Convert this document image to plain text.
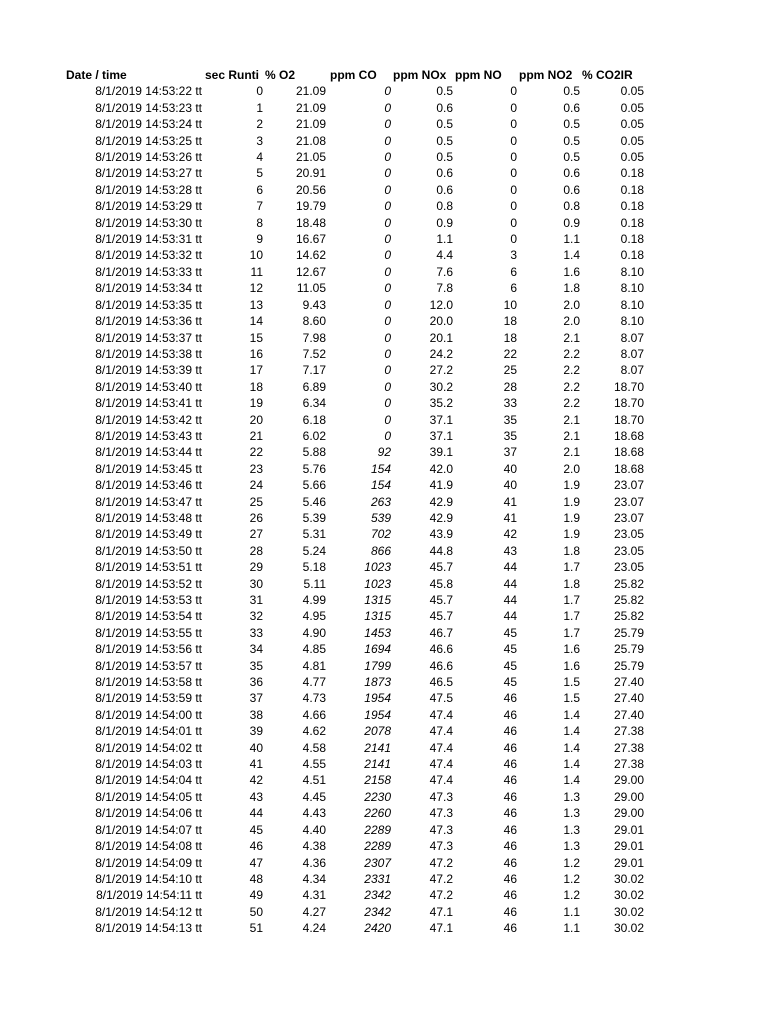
Date / time	sec Runti	% O2	ppm CO	ppm NOx	ppm NO	ppm NO2	% CO2IR
8/1/2019 14:53:22 tt	0	21.09	0	0.5	0	0.5	0.05
8/1/2019 14:53:23 tt	1	21.09	0	0.6	0	0.6	0.05
8/1/2019 14:53:24 tt	2	21.09	0	0.5	0	0.5	0.05
8/1/2019 14:53:25 tt	3	21.08	0	0.5	0	0.5	0.05
8/1/2019 14:53:26 tt	4	21.05	0	0.5	0	0.5	0.05
8/1/2019 14:53:27 tt	5	20.91	0	0.6	0	0.6	0.18
8/1/2019 14:53:28 tt	6	20.56	0	0.6	0	0.6	0.18
8/1/2019 14:53:29 tt	7	19.79	0	0.8	0	0.8	0.18
8/1/2019 14:53:30 tt	8	18.48	0	0.9	0	0.9	0.18
8/1/2019 14:53:31 tt	9	16.67	0	1.1	0	1.1	0.18
8/1/2019 14:53:32 tt	10	14.62	0	4.4	3	1.4	0.18
8/1/2019 14:53:33 tt	11	12.67	0	7.6	6	1.6	8.10
8/1/2019 14:53:34 tt	12	11.05	0	7.8	6	1.8	8.10
8/1/2019 14:53:35 tt	13	9.43	0	12.0	10	2.0	8.10
8/1/2019 14:53:36 tt	14	8.60	0	20.0	18	2.0	8.10
8/1/2019 14:53:37 tt	15	7.98	0	20.1	18	2.1	8.07
8/1/2019 14:53:38 tt	16	7.52	0	24.2	22	2.2	8.07
8/1/2019 14:53:39 tt	17	7.17	0	27.2	25	2.2	8.07
8/1/2019 14:53:40 tt	18	6.89	0	30.2	28	2.2	18.70
8/1/2019 14:53:41 tt	19	6.34	0	35.2	33	2.2	18.70
8/1/2019 14:53:42 tt	20	6.18	0	37.1	35	2.1	18.70
8/1/2019 14:53:43 tt	21	6.02	0	37.1	35	2.1	18.68
8/1/2019 14:53:44 tt	22	5.88	92	39.1	37	2.1	18.68
8/1/2019 14:53:45 tt	23	5.76	154	42.0	40	2.0	18.68
8/1/2019 14:53:46 tt	24	5.66	154	41.9	40	1.9	23.07
8/1/2019 14:53:47 tt	25	5.46	263	42.9	41	1.9	23.07
8/1/2019 14:53:48 tt	26	5.39	539	42.9	41	1.9	23.07
8/1/2019 14:53:49 tt	27	5.31	702	43.9	42	1.9	23.05
8/1/2019 14:53:50 tt	28	5.24	866	44.8	43	1.8	23.05
8/1/2019 14:53:51 tt	29	5.18	1023	45.7	44	1.7	23.05
8/1/2019 14:53:52 tt	30	5.11	1023	45.8	44	1.8	25.82
8/1/2019 14:53:53 tt	31	4.99	1315	45.7	44	1.7	25.82
8/1/2019 14:53:54 tt	32	4.95	1315	45.7	44	1.7	25.82
8/1/2019 14:53:55 tt	33	4.90	1453	46.7	45	1.7	25.79
8/1/2019 14:53:56 tt	34	4.85	1694	46.6	45	1.6	25.79
8/1/2019 14:53:57 tt	35	4.81	1799	46.6	45	1.6	25.79
8/1/2019 14:53:58 tt	36	4.77	1873	46.5	45	1.5	27.40
8/1/2019 14:53:59 tt	37	4.73	1954	47.5	46	1.5	27.40
8/1/2019 14:54:00 tt	38	4.66	1954	47.4	46	1.4	27.40
8/1/2019 14:54:01 tt	39	4.62	2078	47.4	46	1.4	27.38
8/1/2019 14:54:02 tt	40	4.58	2141	47.4	46	1.4	27.38
8/1/2019 14:54:03 tt	41	4.55	2141	47.4	46	1.4	27.38
8/1/2019 14:54:04 tt	42	4.51	2158	47.4	46	1.4	29.00
8/1/2019 14:54:05 tt	43	4.45	2230	47.3	46	1.3	29.00
8/1/2019 14:54:06 tt	44	4.43	2260	47.3	46	1.3	29.00
8/1/2019 14:54:07 tt	45	4.40	2289	47.3	46	1.3	29.01
8/1/2019 14:54:08 tt	46	4.38	2289	47.3	46	1.3	29.01
8/1/2019 14:54:09 tt	47	4.36	2307	47.2	46	1.2	29.01
8/1/2019 14:54:10 tt	48	4.34	2331	47.2	46	1.2	30.02
8/1/2019 14:54:11 tt	49	4.31	2342	47.2	46	1.2	30.02
8/1/2019 14:54:12 tt	50	4.27	2342	47.1	46	1.1	30.02
8/1/2019 14:54:13 tt	51	4.24	2420	47.1	46	1.1	30.02
